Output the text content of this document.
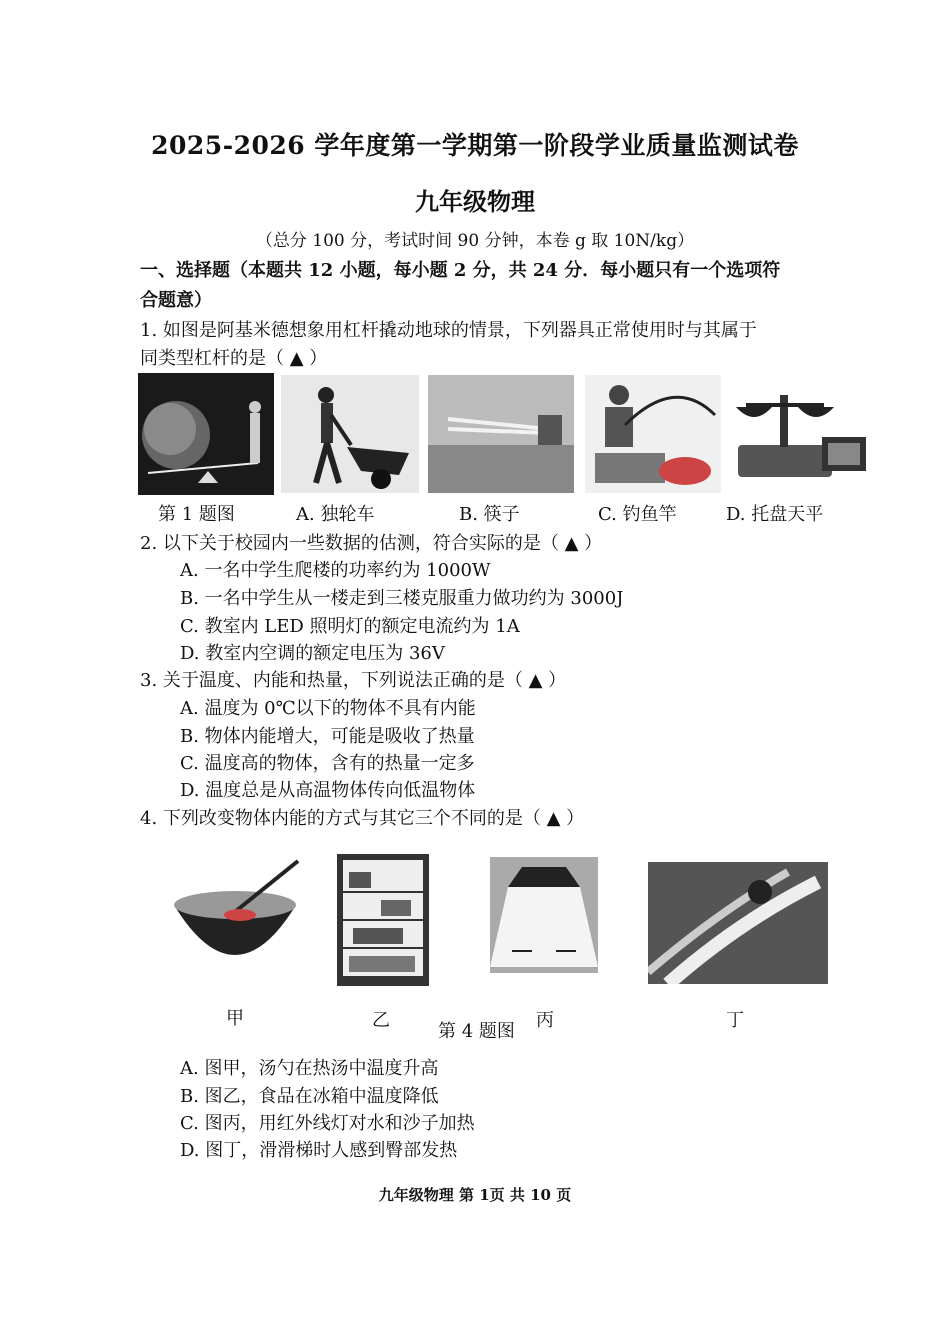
2025-2026 学年度第一学期第一阶段学业质量监测试卷
九年级物理
（总分 100 分，考试时间 90 分钟，本卷 g 取 10N/kg）
一、选择题（本题共 12 小题，每小题 2 分，共 24 分．每小题只有一个选项符
合题意）
1. 如图是阿基米德想象用杠杆撬动地球的情景，下列器具正常使用时与其属于
同类型杠杆的是（ ▲ ）
第 1 题图	A. 独轮车	B. 筷子	C. 钓鱼竿	D. 托盘天平
2. 以下关于校园内一些数据的估测，符合实际的是（ ▲ ）
A. 一名中学生爬楼的功率约为 1000W
B. 一名中学生从一楼走到三楼克服重力做功约为 3000J
C. 教室内 LED 照明灯的额定电流约为 1A
D. 教室内空调的额定电压为 36V
3. 关于温度、内能和热量，下列说法正确的是（ ▲ ）
A. 温度为 0℃以下的物体不具有内能
B. 物体内能增大，可能是吸收了热量
C. 温度高的物体，含有的热量一定多
D. 温度总是从高温物体传向低温物体
4. 下列改变物体内能的方式与其它三个不同的是（ ▲ ）
甲	乙
第 4 题图
丙	丁
A. 图甲，汤勺在热汤中温度升高
B. 图乙，食品在冰箱中温度降低
C. 图丙，用红外线灯对水和沙子加热
D. 图丁，滑滑梯时人感到臀部发热
九年级物理 第 1页 共 10 页
